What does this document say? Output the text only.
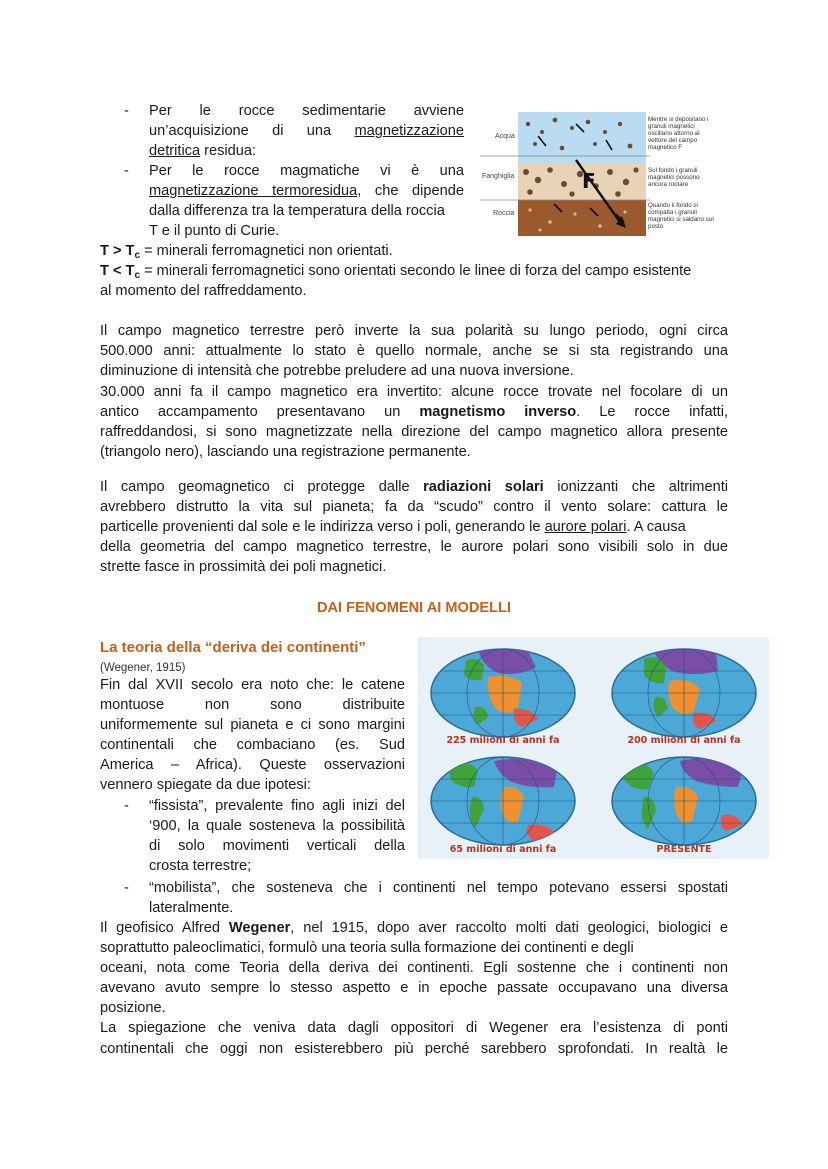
-	Per le rocce sedimentarie avviene
un’acquisizione di una magnetizzazione
detritica residua:
-	Per le rocce magmatiche vi è una
magnetizzazione termoresidua, che dipende
dalla differenza tra la temperatura della roccia
T e il punto di Curie.
F
Acqua
Fanghiglia
Roccia
Mentre si depositano i granuli magnetici oscillano attorno al vettore del campo magnetico F
Sul fondo i granuli magnetici possono ancora ruotare
Quando il fondo si compatta i granuli magnetici si saldano sul posto
$T > T_c$ = minerali ferromagnetici non orientati.
$T < T_c$ = minerali ferromagnetici sono orientati secondo le linee di forza del campo esistente
al momento del raffreddamento.
Il campo magnetico terrestre però inverte la sua polarità su lungo periodo, ogni circa
500.000 anni: attualmente lo stato è quello normale, anche se si sta registrando una
diminuzione di intensità che potrebbe preludere ad una nuova inversione.
30.000 anni fa il campo magnetico era invertito: alcune rocce trovate nel focolare di un
antico accampamento presentavano un magnetismo inverso. Le rocce infatti,
raffreddandosi, si sono magnetizzate nella direzione del campo magnetico allora presente
(triangolo nero), lasciando una registrazione permanente.
Il campo geomagnetico ci protegge dalle radiazioni solari ionizzanti che altrimenti
avrebbero distrutto la vita sul pianeta; fa da “scudo” contro il vento solare: cattura le
particelle provenienti dal sole e le indirizza verso i poli, generando le aurore polari. A causa
della geometria del campo magnetico terrestre, le aurore polari sono visibili solo in due
strette fasce in prossimità dei poli magnetici.
DAI FENOMENI AI MODELLI
La teoria della “deriva dei continenti”
(Wegener, 1915)
Fin dal XVII secolo era noto che: le catene
montuose non sono distribuite
uniformemente sul pianeta e ci sono margini
continentali che combaciano (es. Sud
America – Africa). Queste osservazioni
vennero spiegate da due ipotesi:
-	“fissista”, prevalente fino agli inizi del
‘900, la quale sosteneva la possibilità
di solo movimenti verticali della
crosta terrestre;
-	“mobilista”, che sosteneva che i continenti nel tempo potevano essersi spostati
lateralmente.
225 milioni di anni fa	200 milioni di anni fa
65 milioni di anni fa	PRESENTE
Il geofisico Alfred Wegener, nel 1915, dopo aver raccolto molti dati geologici, biologici e
soprattutto paleoclimatici, formulò una teoria sulla formazione dei continenti e degli
oceani, nota come Teoria della deriva dei continenti. Egli sostenne che i continenti non
avevano avuto sempre lo stesso aspetto e in epoche passate occupavano una diversa
posizione.
La spiegazione che veniva data dagli oppositori di Wegener era l’esistenza di ponti
continentali che oggi non esisterebbero più perché sarebbero sprofondati. In realtà le
